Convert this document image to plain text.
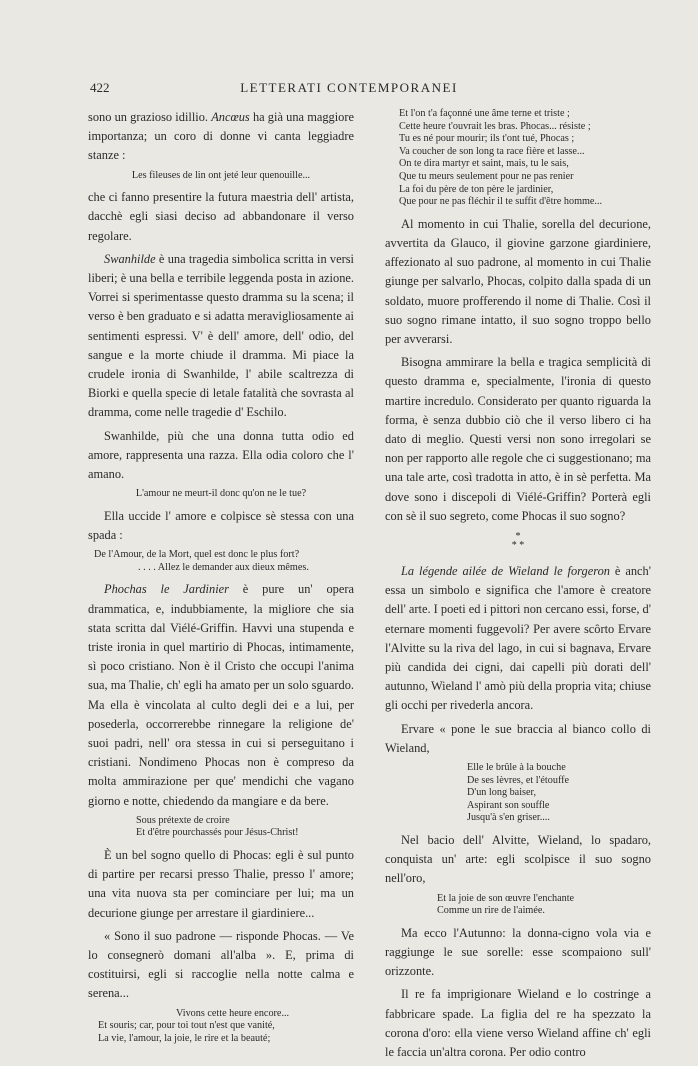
422	LETTERATI CONTEMPORANEI

sono un grazioso idillio. Ancœus ha già una maggiore importanza; un coro di donne vi canta leggiadre stanze :

Les fileuses de lin ont jeté leur quenouille...

che ci fanno presentire la futura maestria dell' artista, dacchè egli siasi deciso ad abbandonare il verso regolare.

Swanhilde è una tragedia simbolica scritta in versi liberi; è una bella e terribile leggenda posta in azione. Vorrei si sperimentasse questo dramma su la scena; il verso è ben graduato e si adatta meravigliosamente ai sentimenti espressi. V' è dell' amore, dell' odio, del sangue e la morte chiude il dramma. Mi piace la crudele ironia di Swanhilde, l' abile scaltrezza di Biorki e quella specie di letale fatalità che sovrasta al dramma, come nelle tragedie d' Eschilo.

Swanhilde, più che una donna tutta odio ed amore, rappresenta una razza. Ella odia coloro che l' amano.

L'amour ne meurt-il donc qu'on ne le tue?

Ella uccide l' amore e colpisce sè stessa con una spada :

De l'Amour, de la Mort, quel est donc le plus fort?
. . . . Allez le demander aux dieux mêmes.

Phochas le Jardinier è pure un' opera drammatica, e, indubbiamente, la migliore che sia stata scritta dal Viélé-Griffin. Havvi una stupenda e triste ironia in quel martirio di Phocas, intimamente, sì poco cristiano. Non è il Cristo che occupi l'anima sua, ma Thalie, ch' egli ha amato per un solo sguardo. Ma ella è vincolata al culto degli dei e a lui, per posederla, occorrerebbe rinnegare la religione de' suoi padri, nell' ora stessa in cui si perseguitano i cristiani. Nondimeno Phocas non è compreso da molta ammirazione per que' mendichi che vagano giorno e notte, chiedendo da mangiare e da bere.

Sous prétexte de croire
Et d'être pourchassés pour Jésus-Christ!

È un bel sogno quello di Phocas: egli è sul punto di partire per recarsi presso Thalie, presso l' amore; una vita nuova sta per cominciare per lui; ma un decurione giunge per arrestare il giardiniere...

« Sono il suo padrone — risponde Phocas. — Ve lo consegnerò domani all'alba ». E, prima di costituirsi, egli si raccoglie nella notte calma e serena...

Vivons cette heure encore...
Et souris; car, pour toi tout n'est que vanité,
La vie, l'amour, la joie, le rire et la beauté;
Et l'on t'a façonné une âme terne et triste ;
Cette heure t'ouvrait les bras. Phocas... résiste ;
Tu es né pour mourir; ils t'ont tué, Phocas ;
Va coucher de son long ta race fière et lasse...
On te dira martyr et saint, mais, tu le sais,
Que tu meurs seulement pour ne pas renier
La foi du père de ton père le jardinier,
Que pour ne pas fléchir il te suffit d'être homme...

Al momento in cui Thalie, sorella del decurione, avvertita da Glauco, il giovine garzone giardiniere, affezionato al suo padrone, al momento in cui Thalie giunge per salvarlo, Phocas, colpito dalla spada di un soldato, muore profferendo il nome di Thalie. Così il suo sogno rimane intatto, il suo sogno troppo bello per avverarsi.

Bisogna ammirare la bella e tragica semplicità di questo dramma e, specialmente, l'ironia di questo martire incredulo. Considerato per quanto riguarda la forma, è senza dubbio ciò che il verso libero ci ha dato di meglio. Questi versi non sono irregolari se non per rapporto alle regole che ci suggestionano; ma una tale arte, così tradotta in atto, è in sè perfetta. Ma dove sono i discepoli di Viélé-Griffin? Porterà egli con sè il suo segreto, come Phocas il suo sogno?

*
* *

La légende ailée de Wieland le forgeron è anch' essa un simbolo e significa che l'amore è creatore dell' arte. I poeti ed i pittori non cercano essi, forse, d' eternare momenti fuggevoli? Per avere scôrto Ervare l'Alvitte su la riva del lago, in cui si bagnava, Ervare più candida dei cigni, dai capelli più dorati dell' autunno, Wieland l' amò più della propria vita; chiuse gli occhi per rivederla ancora.

Ervare « pone le sue braccia al bianco collo di Wieland,

Elle le brûle à la bouche
De ses lèvres, et l'étouffe
D'un long baiser,
Aspirant son souffle
Jusqu'à s'en griser....

Nel bacio dell' Alvitte, Wieland, lo spadaro, conquista un' arte: egli scolpisce il suo sogno nell'oro,

Et la joie de son œuvre l'enchante
Comme un rire de l'aimée.

Ma ecco l'Autunno: la donna-cigno vola via e raggiunge le sue sorelle: esse scompaiono sull' orizzonte.

Il re fa imprigionare Wieland e lo costringe a fabbricare spade. La figlia del re ha spezzato la corona d'oro: ella viene verso Wieland affine ch' egli le faccia un'altra corona. Per odio contro
